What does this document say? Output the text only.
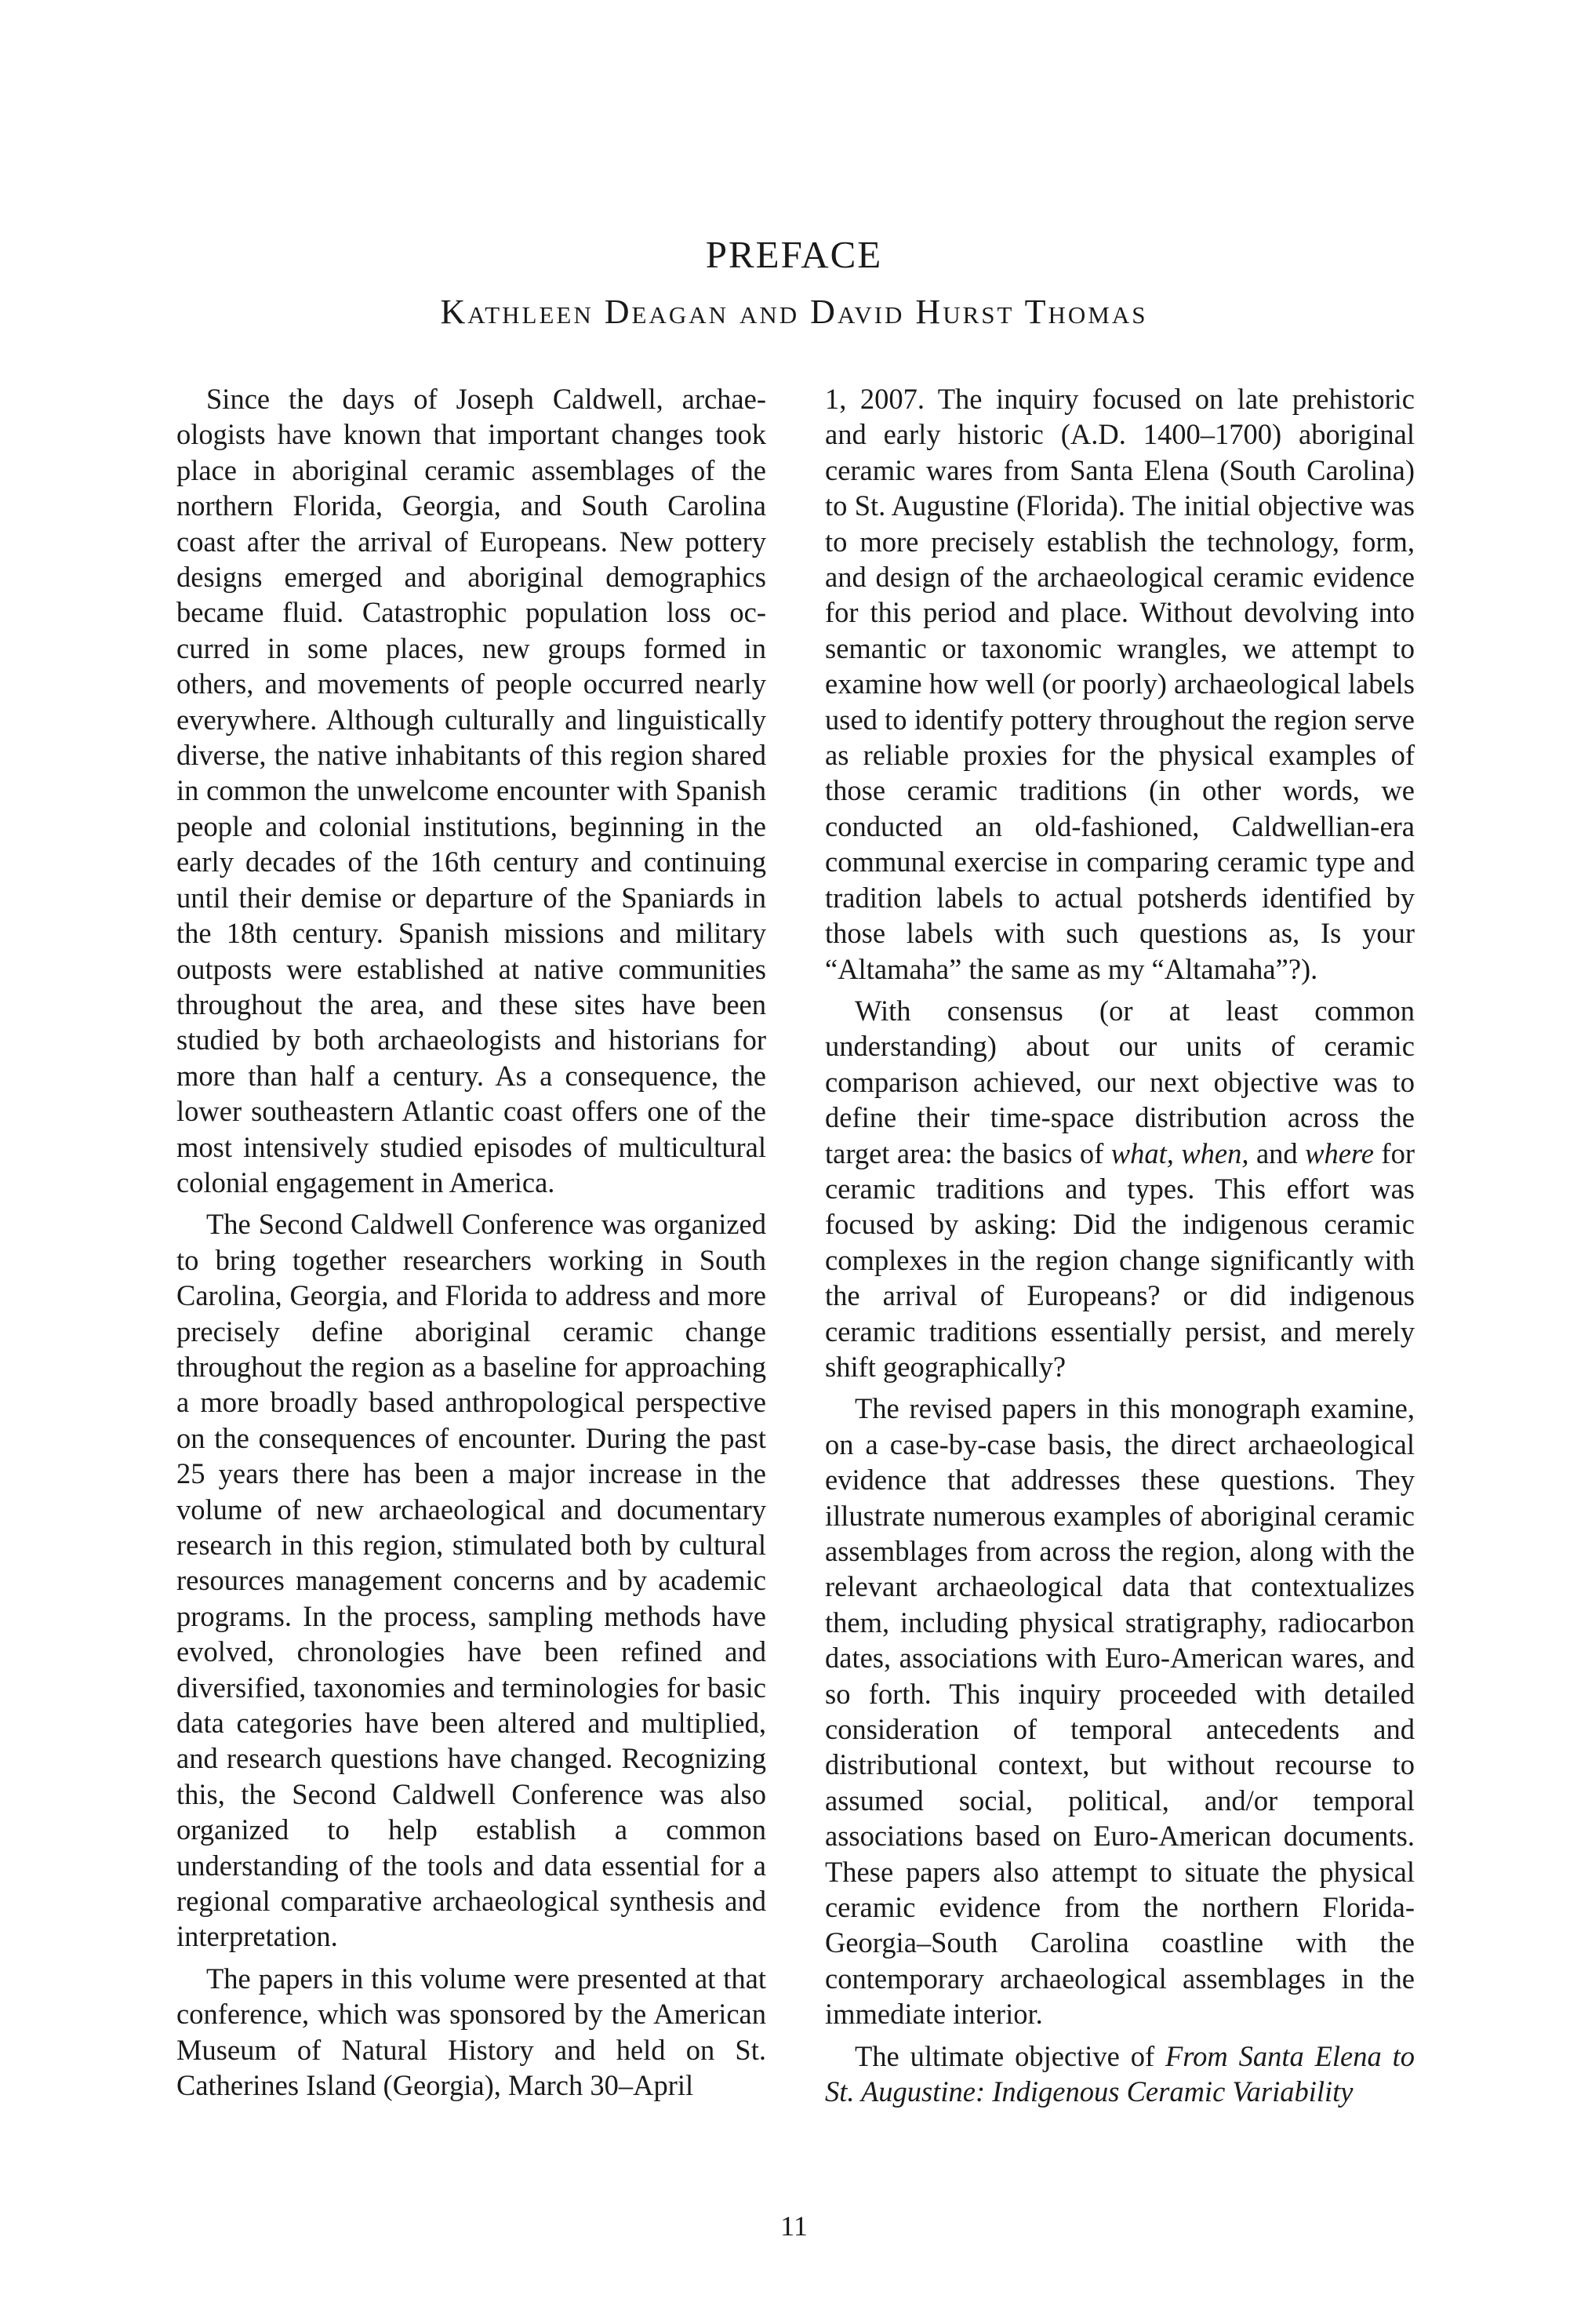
PREFACE
Kathleen Deagan and David Hurst Thomas

Since the days of Joseph Caldwell, archaeologists have known that important changes took place in aboriginal ceramic assemblages of the northern Florida, Georgia, and South Carolina coast after the arrival of Europeans. New pottery designs emerged and aboriginal demographics became fluid. Catastrophic population loss occurred in some places, new groups formed in others, and movements of people occurred nearly everywhere. Although culturally and linguistically diverse, the native inhabitants of this region shared in common the unwelcome encounter with Spanish people and colonial institutions, beginning in the early decades of the 16th century and continuing until their demise or departure of the Spaniards in the 18th century. Spanish missions and military outposts were established at native communities throughout the area, and these sites have been studied by both archaeologists and historians for more than half a century. As a consequence, the lower southeastern Atlantic coast offers one of the most intensively studied episodes of multicultural colonial engagement in America.

The Second Caldwell Conference was organized to bring together researchers working in South Carolina, Georgia, and Florida to address and more precisely define aboriginal ceramic change throughout the region as a baseline for approaching a more broadly based anthropological perspective on the consequences of encounter. During the past 25 years there has been a major increase in the volume of new archaeological and documentary research in this region, stimulated both by cultural resources management concerns and by academic programs. In the process, sampling methods have evolved, chronologies have been refined and diversified, taxonomies and terminologies for basic data categories have been altered and multiplied, and research questions have changed. Recognizing this, the Second Caldwell Conference was also organized to help establish a common understanding of the tools and data essential for a regional comparative archaeological synthesis and interpretation.

The papers in this volume were presented at that conference, which was sponsored by the American Museum of Natural History and held on St. Catherines Island (Georgia), March 30–April

1, 2007. The inquiry focused on late prehistoric and early historic (A.D. 1400–1700) aboriginal ceramic wares from Santa Elena (South Carolina) to St. Augustine (Florida). The initial objective was to more precisely establish the technology, form, and design of the archaeological ceramic evidence for this period and place. Without devolving into semantic or taxonomic wrangles, we attempt to examine how well (or poorly) archaeological labels used to identify pottery throughout the region serve as reliable proxies for the physical examples of those ceramic traditions (in other words, we conducted an old-fashioned, Caldwellian-era communal exercise in comparing ceramic type and tradition labels to actual potsherds identified by those labels with such questions as, Is your “Altamaha” the same as my “Altamaha”?).

With consensus (or at least common understanding) about our units of ceramic comparison achieved, our next objective was to define their time-space distribution across the target area: the basics of what, when, and where for ceramic traditions and types. This effort was focused by asking: Did the indigenous ceramic complexes in the region change significantly with the arrival of Europeans? or did indigenous ceramic traditions essentially persist, and merely shift geographically?

The revised papers in this monograph examine, on a case-by-case basis, the direct archaeological evidence that addresses these questions. They illustrate numerous examples of aboriginal ceramic assemblages from across the region, along with the relevant archaeological data that contextualizes them, including physical stratigraphy, radiocarbon dates, associations with Euro-American wares, and so forth. This inquiry proceeded with detailed consideration of temporal antecedents and distributional context, but without recourse to assumed social, political, and/or temporal associations based on Euro-American documents. These papers also attempt to situate the physical ceramic evidence from the northern Florida-Georgia–South Carolina coastline with the contemporary archaeological assemblages in the immediate interior.

The ultimate objective of From Santa Elena to St. Augustine: Indigenous Ceramic Variability

11
